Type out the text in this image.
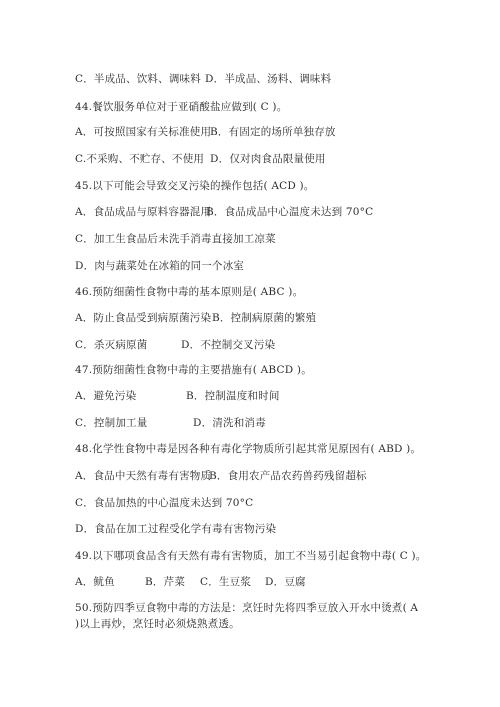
C．半成品、饮料、调味料 D．半成品、汤料、调味料
44.餐饮服务单位对于亚硝酸盐应做到( C )。
A．可按照国家有关标准使用
B．有固定的场所单独存放
C.不采购、不贮存、不使用 D．仅对肉食品限量使用
45.以下可能会导致交叉污染的操作包括( ACD )。
A．食品成品与原料容器混用
B．食品成品中心温度未达到 70°C
C．加工生食品后未洗手消毒直接加工凉菜
D．肉与蔬菜处在冰箱的同一个冰室
46.预防细菌性食物中毒的基本原则是( ABC )。
A．防止食品受到病原菌污染 B．控制病原菌的繁殖
C．杀灭病原菌	D．不控制交叉污染
47.预防细菌性食物中毒的主要措施有( ABCD )。
A．避免污染	B．控制温度和时间
C．控制加工量	D．清洗和消毒
48.化学性食物中毒是因各种有毒化学物质所引起其常见原因有( ABD )。
A．食品中天然有毒有害物质
B．食用农产品农药兽药残留超标
C．食品加热的中心温度未达到 70°C
D．食品在加工过程受化学有毒有害物污染
49.以下哪项食品含有天然有毒有害物质，加工不当易引起食物中毒( C )。
A．鱿鱼	B．芹菜 C．生豆浆 D．豆腐
50.预防四季豆食物中毒的方法是：烹饪时先将四季豆放入开水中烫煮( A )以上再炒，烹饪时必须烧熟煮透。
